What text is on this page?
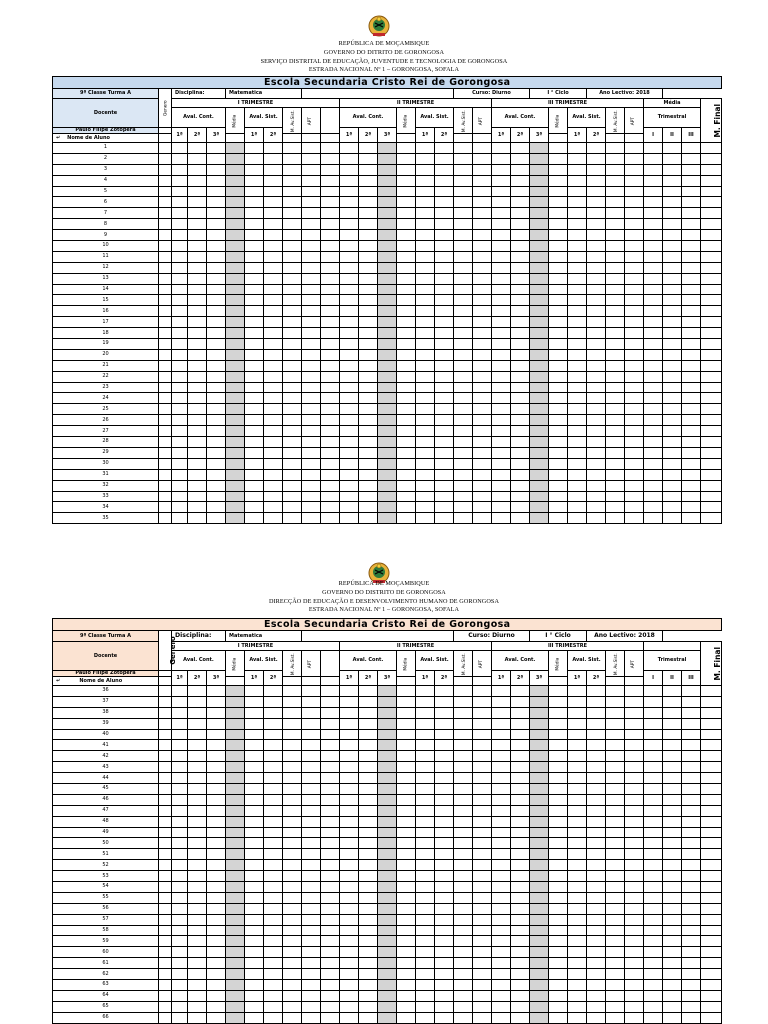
REPÚBLICA DE MOÇAMBIQUE
GOVERNO DO DITRITO DE GORONGOSA
SERVIÇO DISTRITAL DE EDUCAÇÃO, JUVENTUDE E TECNOLOGIA DE GORONGOSA
ESTRADA NACIONAL Nº 1 – GORONGOSA, SOFALA
Escola Secundaria Cristo Rei de Gorongosa																														
9ª Classe Turma A	Genero	Disciplina:			Matematica												Curso: Diurno				I ° Ciclo			Ano Lectivo: 2018						
Docente		I TRIMESTRE									II TRIMESTRE								III TRIMESTRE								Média			M. Final
		Aval. Cont.			Média	Aval. Sist.		M. Av.Sist.	APT		Aval. Cont.			Média	Aval. Sist.		M. Av.Sist.	APT	Aval. Cont.			Média	Aval. Sist.		M. Av.Sist.	APT	Trimestral			
Paulo Filipe Zotopera		1ª	2ª	3ª		1ª	2ª				1ª	2ª	3ª		1ª	2ª			1ª	2ª	3ª		1ª	2ª			I	II	III	
↵ Nome de Aluno																														
1																														
2																														
3																														
4																														
5																														
6																														
7																														
8																														
9																														
10																														
11																														
12																														
13																														
14																														
15																														
16																														
17																														
18																														
19																														
20																														
21																														
22																														
23																														
24																														
25																														
26																														
27																														
28																														
29																														
30																														
31																														
32																														
33																														
34																														
35																														
REPÚBLICA DE MOÇAMBIQUE
GOVERNO DO DISTRITO DE GORONGOSA
DIRECÇÃO DE EDUCAÇÃO E DESENVOLVIMENTO HUMANO DE GORONGOSA
ESTRADA NACIONAL Nº 1 – GORONGOSA, SOFALA
Escola Secundaria Cristo Rei de Gorongosa																														
9ª Classe Turma A	Genero	Disciplina:			Matematica												Curso: Diurno				I ° Ciclo			Ano Lectivo: 2018						
Docente		I TRIMESTRE									II TRIMESTRE								III TRIMESTRE											M. Final
		Aval. Cont.			Média	Aval. Sist.		M. Av.Sist.	APT		Aval. Cont.			Média	Aval. Sist.		M. Av.Sist.	APT	Aval. Cont.			Média	Aval. Sist.		M. Av.Sist.	APT	Trimestral			
Paulo Filipe Zotopera		1ª	2ª	3ª		1ª	2ª				1ª	2ª	3ª		1ª	2ª			1ª	2ª	3ª		1ª	2ª			I	II	III	
↵ Nome de Aluno																														
36																														
37																														
38																														
39																														
40																														
41																														
42																														
43																														
44																														
45																														
46																														
47																														
48																														
49																														
50																														
51																														
52																														
53																														
54																														
55																														
56																														
57																														
58																														
59																														
60																														
61																														
62																														
63																														
64																														
65																														
66																														
